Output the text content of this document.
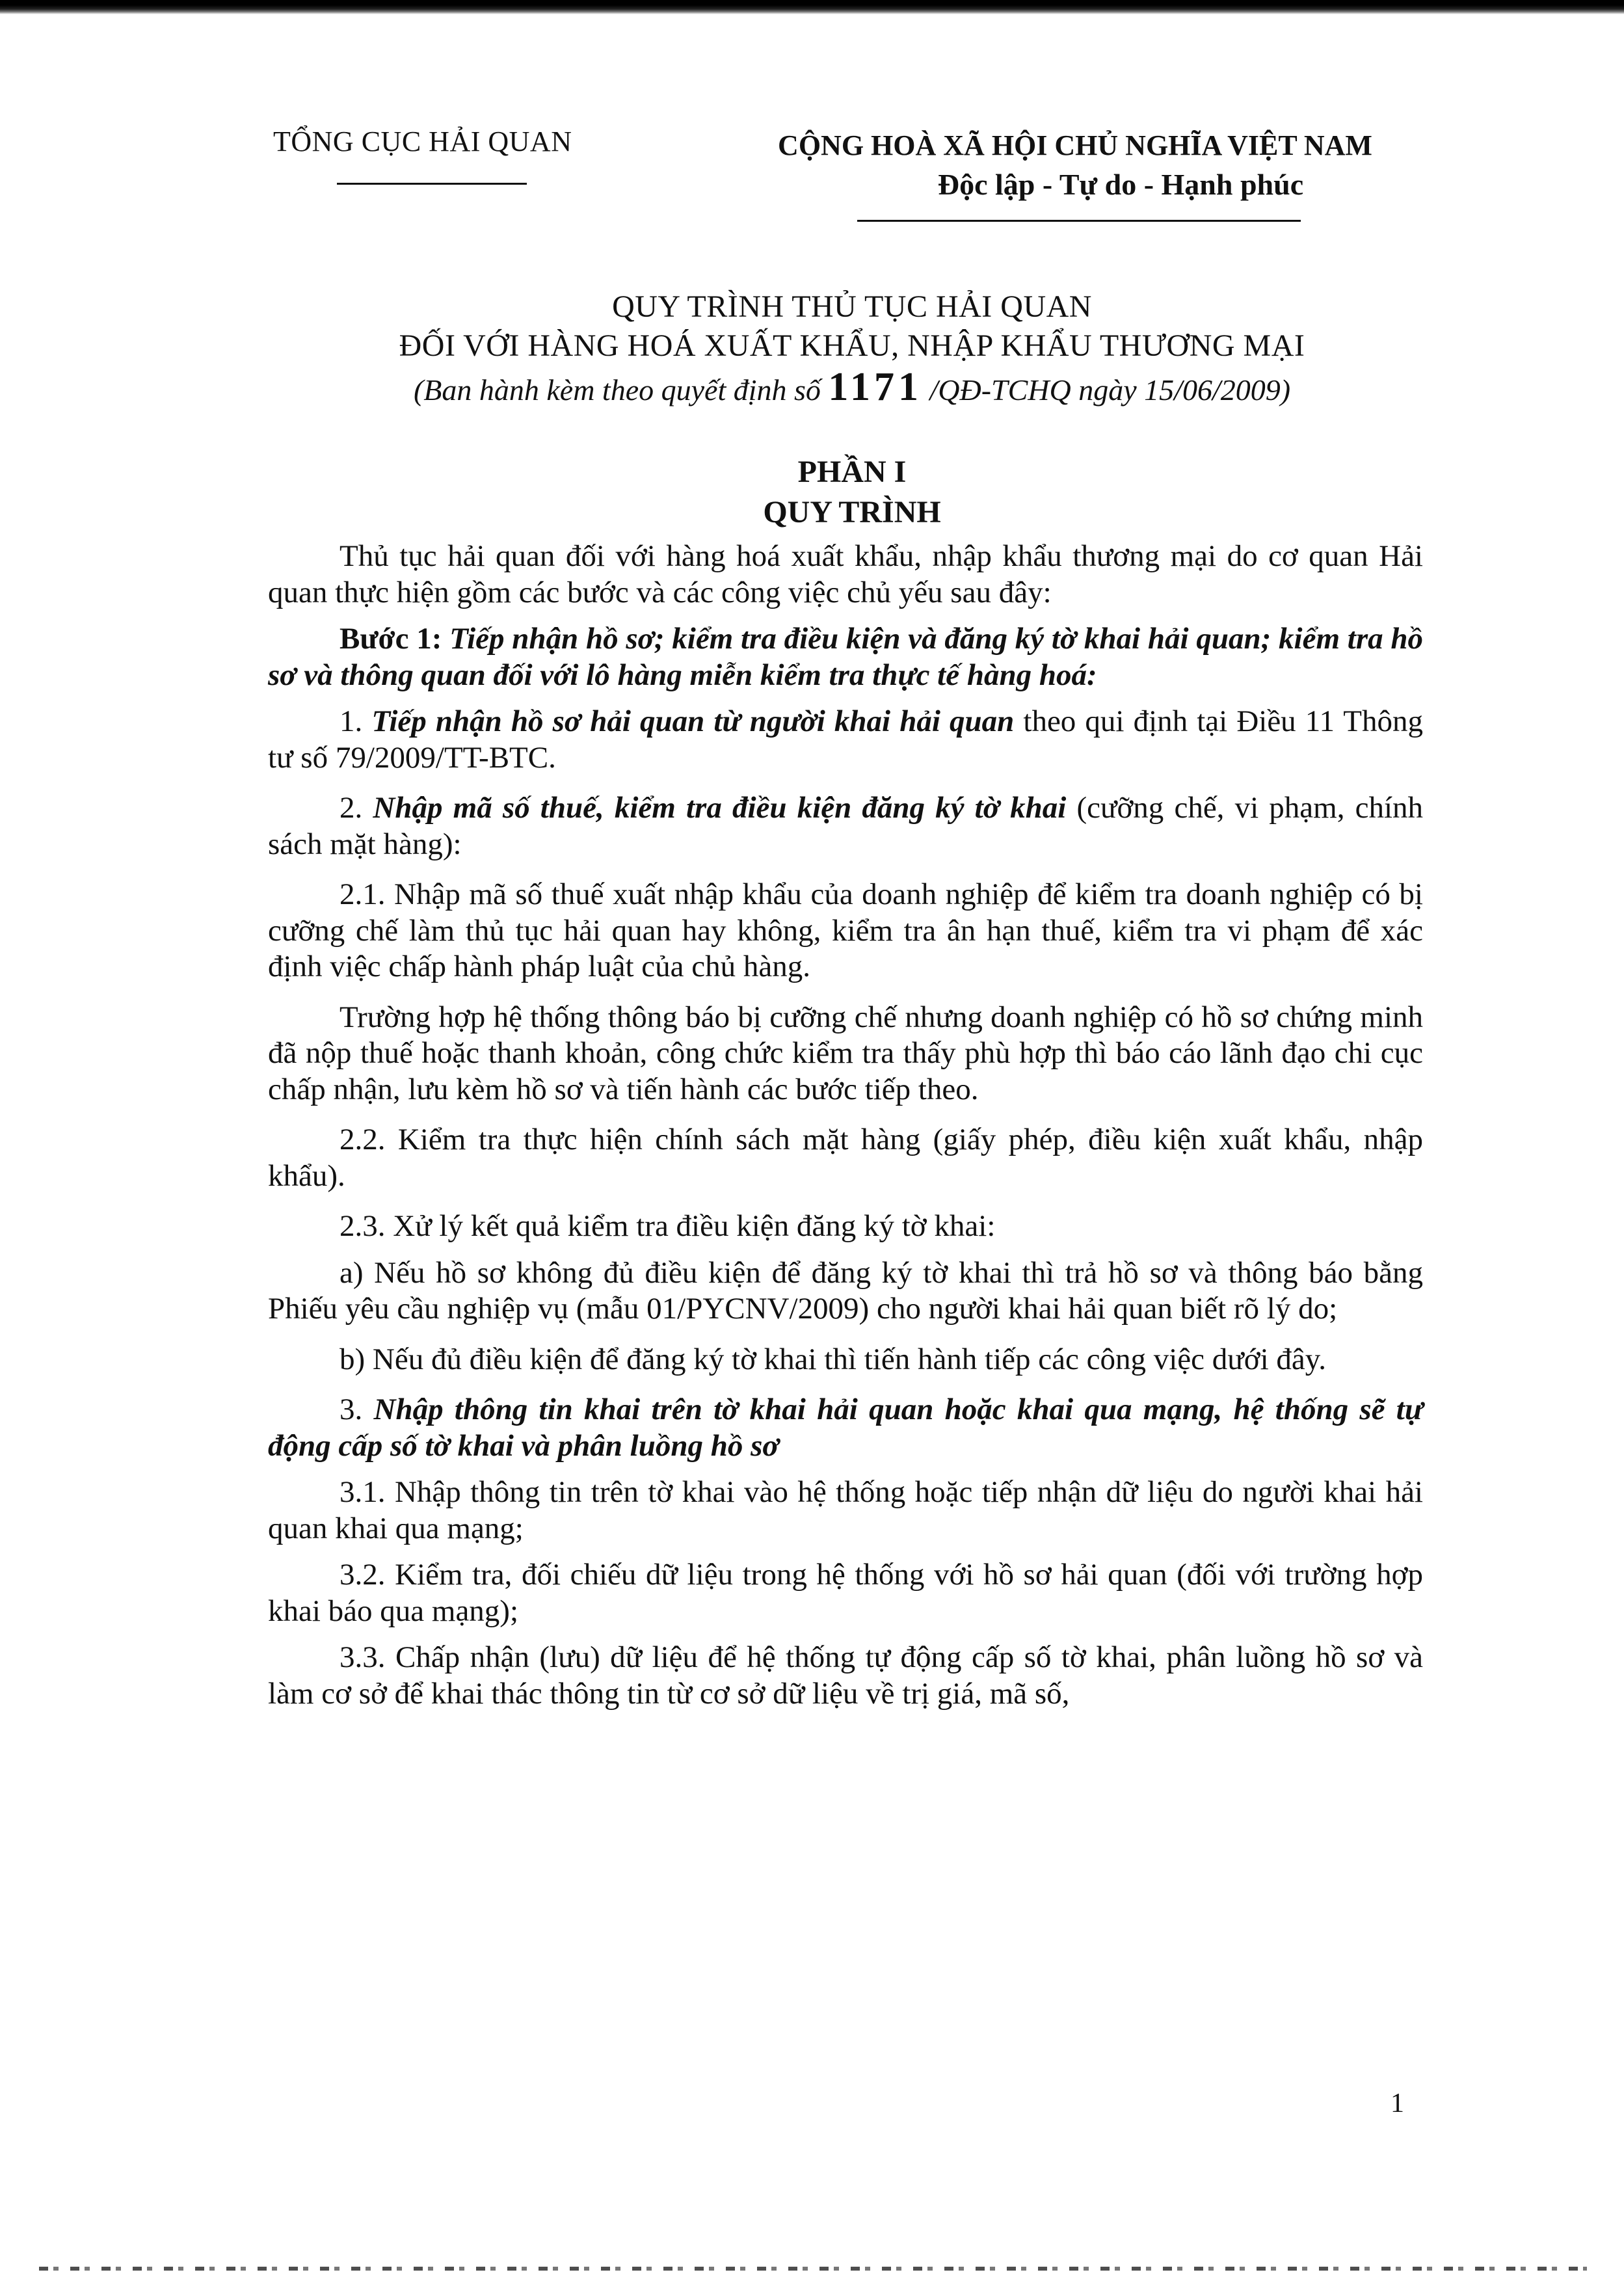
TỔNG CỤC HẢI QUAN	CỘNG HOÀ XÃ HỘI CHỦ NGHĨA VIỆT NAM
Độc lập - Tự do - Hạnh phúc
QUY TRÌNH THỦ TỤC HẢI QUAN
ĐỐI VỚI HÀNG HOÁ XUẤT KHẨU, NHẬP KHẨU THƯƠNG MẠI
(Ban hành kèm theo quyết định số 1171 /QĐ-TCHQ ngày 15/06/2009)
PHẦN I
QUY TRÌNH

Thủ tục hải quan đối với hàng hoá xuất khẩu, nhập khẩu thương mại do cơ quan Hải quan thực hiện gồm các bước và các công việc chủ yếu sau đây:

Bước 1: Tiếp nhận hồ sơ; kiểm tra điều kiện và đăng ký tờ khai hải quan; kiểm tra hồ sơ và thông quan đối với lô hàng miễn kiểm tra thực tế hàng hoá:

1. Tiếp nhận hồ sơ hải quan từ người khai hải quan theo qui định tại Điều 11 Thông tư số 79/2009/TT-BTC.

2. Nhập mã số thuế, kiểm tra điều kiện đăng ký tờ khai (cưỡng chế, vi phạm, chính sách mặt hàng):

2.1. Nhập mã số thuế xuất nhập khẩu của doanh nghiệp để kiểm tra doanh nghiệp có bị cưỡng chế làm thủ tục hải quan hay không, kiểm tra ân hạn thuế, kiểm tra vi phạm để xác định việc chấp hành pháp luật của chủ hàng.

Trường hợp hệ thống thông báo bị cưỡng chế nhưng doanh nghiệp có hồ sơ chứng minh đã nộp thuế hoặc thanh khoản, công chức kiểm tra thấy phù hợp thì báo cáo lãnh đạo chi cục chấp nhận, lưu kèm hồ sơ và tiến hành các bước tiếp theo.

2.2. Kiểm tra thực hiện chính sách mặt hàng (giấy phép, điều kiện xuất khẩu, nhập khẩu).

2.3. Xử lý kết quả kiểm tra điều kiện đăng ký tờ khai:

a) Nếu hồ sơ không đủ điều kiện để đăng ký tờ khai thì trả hồ sơ và thông báo bằng Phiếu yêu cầu nghiệp vụ (mẫu 01/PYCNV/2009) cho người khai hải quan biết rõ lý do;

b) Nếu đủ điều kiện để đăng ký tờ khai thì tiến hành tiếp các công việc dưới đây.

3. Nhập thông tin khai trên tờ khai hải quan hoặc khai qua mạng, hệ thống sẽ tự động cấp số tờ khai và phân luồng hồ sơ

3.1. Nhập thông tin trên tờ khai vào hệ thống hoặc tiếp nhận dữ liệu do người khai hải quan khai qua mạng;

3.2. Kiểm tra, đối chiếu dữ liệu trong hệ thống với hồ sơ hải quan (đối với trường hợp khai báo qua mạng);

3.3. Chấp nhận (lưu) dữ liệu để hệ thống tự động cấp số tờ khai, phân luồng hồ sơ và làm cơ sở để khai thác thông tin từ cơ sở dữ liệu về trị giá, mã số,

1
